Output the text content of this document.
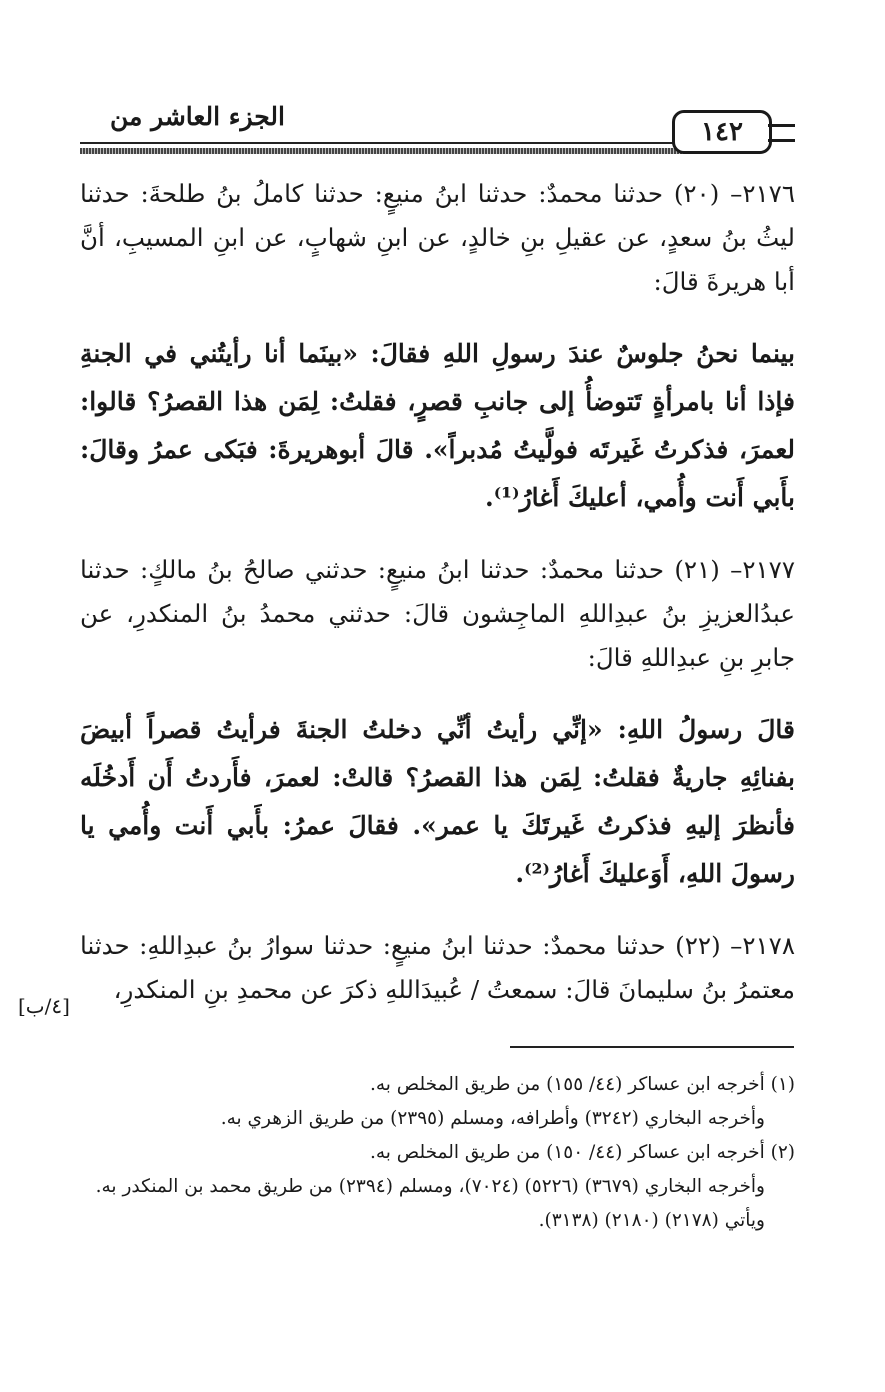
الجزء العاشر من
١٤٢

٢١٧٦– (٢٠) حدثنا محمدٌ: حدثنا ابنُ منيعٍ: حدثنا كاملُ بنُ طلحةَ: حدثنا ليثُ بنُ سعدٍ، عن عقيلِ بنِ خالدٍ، عن ابنِ شهابٍ، عن ابنِ المسيبِ، أنَّ أبا هريرةَ قالَ:

بينما نحنُ جلوسٌ عندَ رسولِ اللهِ فقالَ: «بينَما أنا رأيتُني في الجنةِ فإذا أنا بامرأةٍ تَتوضأُ إلى جانبِ قصرٍ، فقلتُ: لِمَن هذا القصرُ؟ قالوا: لعمرَ، فذكرتُ غَيرتَه فولَّيتُ مُدبراً». قالَ أبوهريرةَ: فبَكى عمرُ وقالَ: بأَبي أَنت وأُمي، أعليكَ أَغارُ⁽¹⁾.

٢١٧٧– (٢١) حدثنا محمدٌ: حدثنا ابنُ منيعٍ: حدثني صالحُ بنُ مالكٍ: حدثنا عبدُالعزيزِ بنُ عبدِاللهِ الماجِشون قالَ: حدثني محمدُ بنُ المنكدرِ، عن جابرِ بنِ عبدِاللهِ قالَ:

قالَ رسولُ اللهِ: «إنِّي رأيتُ أنِّي دخلتُ الجنةَ فرأيتُ قصراً أبيضَ بفنائِهِ جاريةٌ فقلتُ: لِمَن هذا القصرُ؟ قالتْ: لعمرَ، فأَردتُ أَن أَدخُلَه فأنظرَ إليهِ فذكرتُ غَيرتَكَ يا عمر». فقالَ عمرُ: بأَبي أَنت وأُمي يا رسولَ اللهِ، أَوَعليكَ أَغارُ⁽²⁾.

٢١٧٨– (٢٢) حدثنا محمدٌ: حدثنا ابنُ منيعٍ: حدثنا سوارُ بنُ عبدِاللهِ: حدثنا معتمرُ بنُ سليمانَ قالَ: سمعتُ / عُبيدَاللهِ ذكرَ عن محمدِ بنِ المنكدرِ،

[٤/ب]

(١) أخرجه ابن عساكر (٤٤/ ١٥٥) من طريق المخلص به.

وأخرجه البخاري (٣٢٤٢) وأطرافه، ومسلم (٢٣٩٥) من طريق الزهري به.

(٢) أخرجه ابن عساكر (٤٤/ ١٥٠) من طريق المخلص به.

وأخرجه البخاري (٣٦٧٩) (٥٢٢٦) (٧٠٢٤)، ومسلم (٢٣٩٤) من طريق محمد بن المنكدر به. ويأتي (٢١٧٨) (٢١٨٠) (٣١٣٨).
